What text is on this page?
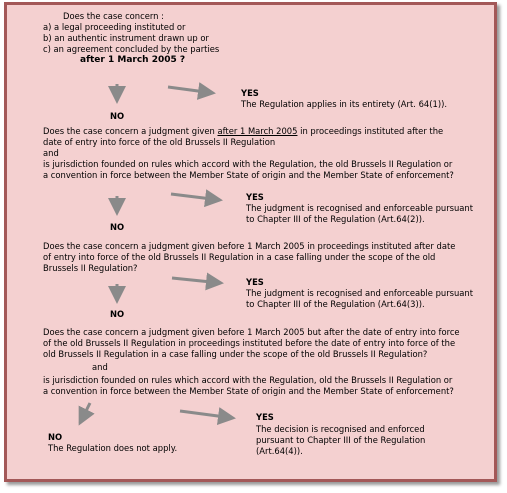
Does the case concern :

a) a legal proceeding instituted or

b) an authentic instrument drawn up or

c) an agreement concluded by the parties

after 1 March 2005 ?

YES

The Regulation applies in its entirety (Art. 64(1)).

NO

Does the case concern a judgment given after 1 March 2005 in proceedings instituted after the

date of entry into force of the old Brussels II Regulation

and

is jurisdiction founded on rules which accord with the Regulation, the old Brussels II Regulation or

a convention in force between the Member State of origin and the Member State of enforcement?

YES

The judgment is recognised and enforceable pursuant

to Chapter III of the Regulation (Art.64(2)).

NO

Does the case concern a judgment given before 1 March 2005 in proceedings instituted after date

of entry into force of the old Brussels II Regulation in a case falling under the scope of the old

Brussels II Regulation?

YES

The judgment is recognised and enforceable pursuant

to Chapter III of the Regulation (Art.64(3)).

NO

Does the case concern a judgment given before 1 March 2005 but after the date of entry into force

of the old Brussels II Regulation in proceedings instituted before the date of entry into force of the

old Brussels II Regulation in a case falling under the scope of the old Brussels II Regulation?

and

is jurisdiction founded on rules which accord with the Regulation, old the Brussels II Regulation or

a convention in force between the Member State of origin and the Member State of enforcement?

NO

The Regulation does not apply.

YES

The decision is recognised and enforced

pursuant to Chapter III of the Regulation

(Art.64(4)).
